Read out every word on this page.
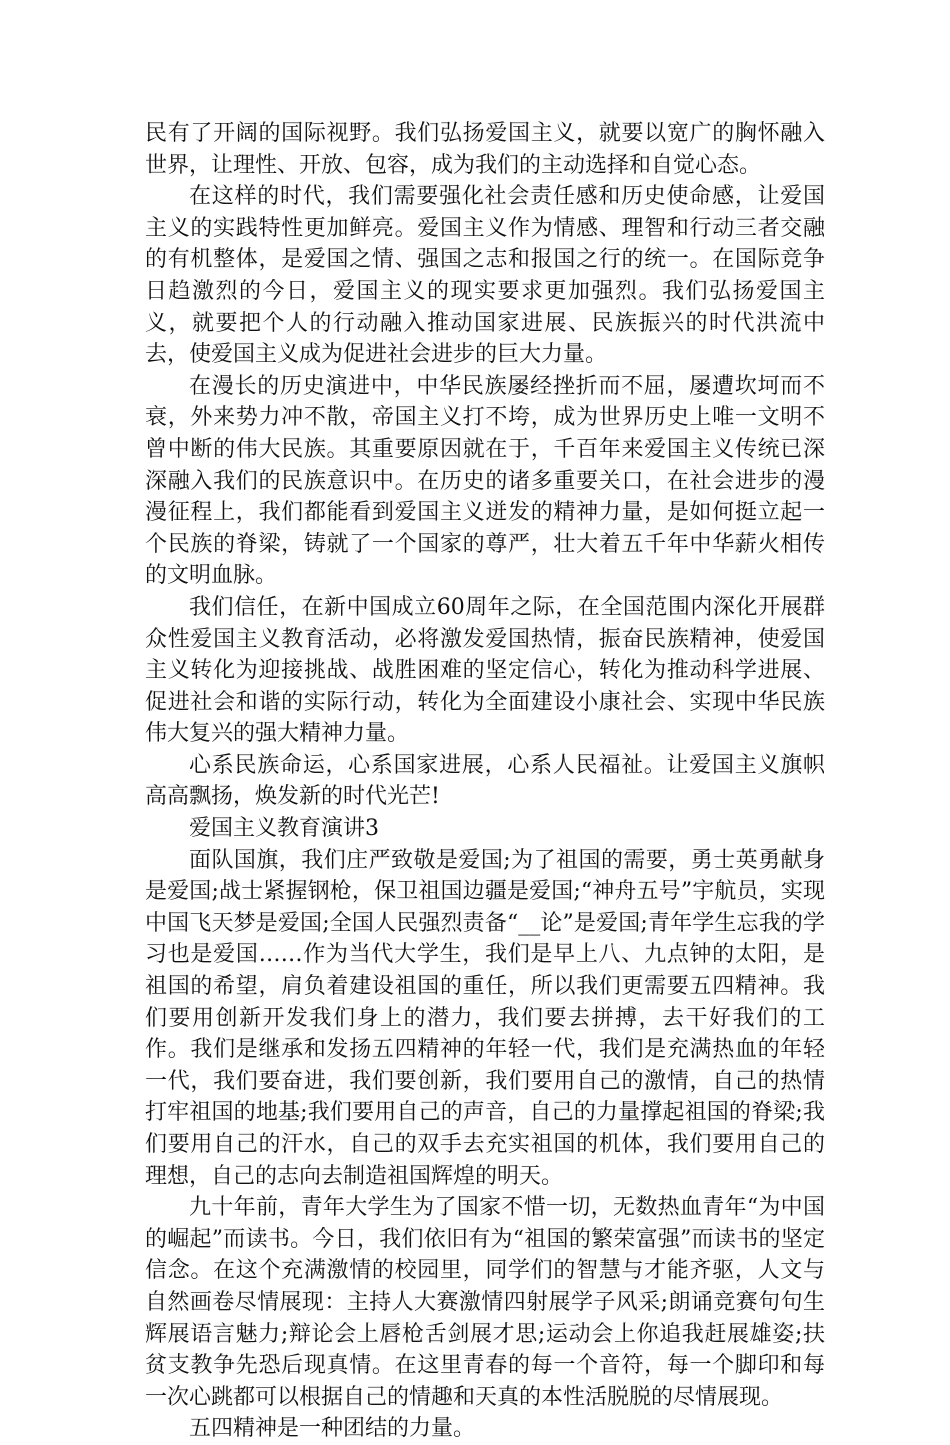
民有了开阔的国际视野。我们弘扬爱国主义，就要以宽广的胸怀融入世界，让理性、开放、包容，成为我们的主动选择和自觉心态。

在这样的时代，我们需要强化社会责任感和历史使命感，让爱国主义的实践特性更加鲜亮。爱国主义作为情感、理智和行动三者交融的有机整体，是爱国之情、强国之志和报国之行的统一。在国际竞争日趋激烈的今日，爱国主义的现实要求更加强烈。我们弘扬爱国主义，就要把个人的行动融入推动国家进展、民族振兴的时代洪流中去，使爱国主义成为促进社会进步的巨大力量。

在漫长的历史演进中，中华民族屡经挫折而不屈，屡遭坎坷而不衰，外来势力冲不散，帝国主义打不垮，成为世界历史上唯一文明不曾中断的伟大民族。其重要原因就在于，千百年来爱国主义传统已深深融入我们的民族意识中。在历史的诸多重要关口，在社会进步的漫漫征程上，我们都能看到爱国主义迸发的精神力量，是如何挺立起一个民族的脊梁，铸就了一个国家的尊严，壮大着五千年中华薪火相传的文明血脉。

我们信任，在新中国成立60周年之际，在全国范围内深化开展群众性爱国主义教育活动，必将激发爱国热情，振奋民族精神，使爱国主义转化为迎接挑战、战胜困难的坚定信心，转化为推动科学进展、促进社会和谐的实际行动，转化为全面建设小康社会、实现中华民族伟大复兴的强大精神力量。

心系民族命运，心系国家进展，心系人民福祉。让爱国主义旗帜高高飘扬，焕发新的时代光芒!

爱国主义教育演讲3

面队国旗，我们庄严致敬是爱国;为了祖国的需要，勇士英勇献身是爱国;战士紧握钢枪，保卫祖国边疆是爱国;“神舟五号”宇航员，实现中国飞天梦是爱国;全国人民强烈责备“__论”是爱国;青年学生忘我的学习也是爱国……作为当代大学生，我们是早上八、九点钟的太阳，是祖国的希望，肩负着建设祖国的重任，所以我们更需要五四精神。我们要用创新开发我们身上的潜力，我们要去拼搏，去干好我们的工作。我们是继承和发扬五四精神的年轻一代，我们是充满热血的年轻一代，我们要奋进，我们要创新，我们要用自己的激情，自己的热情打牢祖国的地基;我们要用自己的声音，自己的力量撑起祖国的脊梁;我们要用自己的汗水，自己的双手去充实祖国的机体，我们要用自己的理想，自己的志向去制造祖国辉煌的明天。

九十年前，青年大学生为了国家不惜一切，无数热血青年“为中国的崛起”而读书。今日，我们依旧有为“祖国的繁荣富强”而读书的坚定信念。在这个充满激情的校园里，同学们的智慧与才能齐驱，人文与自然画卷尽情展现：主持人大赛激情四射展学子风采;朗诵竞赛句句生辉展语言魅力;辩论会上唇枪舌剑展才思;运动会上你追我赶展雄姿;扶贫支教争先恐后现真情。在这里青春的每一个音符，每一个脚印和每一次心跳都可以根据自己的情趣和天真的本性活脱脱的尽情展现。

五四精神是一种团结的力量。
